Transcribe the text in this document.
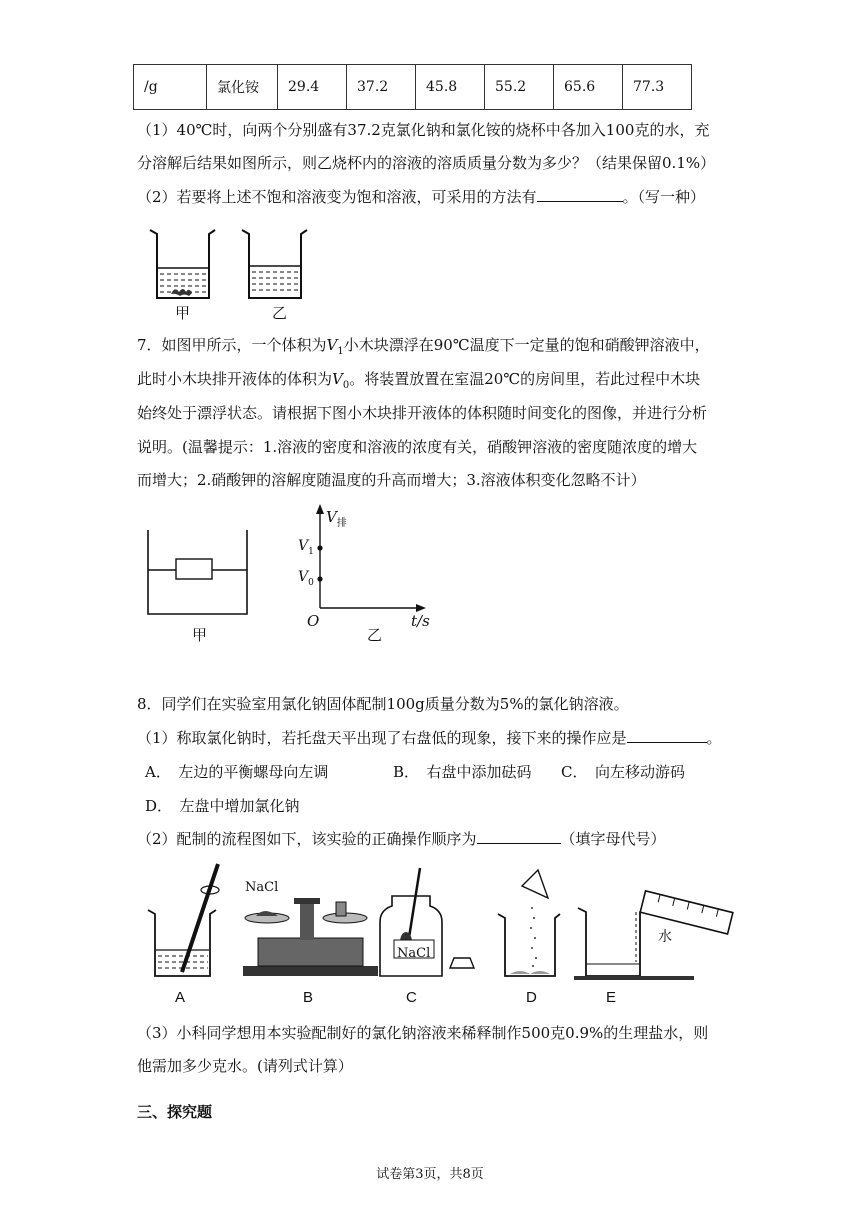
/g	氯化铵	29.4	37.2	45.8	55.2	65.6	77.3
（1）40℃时，向两个分别盛有37.2克氯化钠和氯化铵的烧杯中各加入100克的水，充
分溶解后结果如图所示，则乙烧杯内的溶液的溶质质量分数为多少？（结果保留0.1%）
（2）若要将上述不饱和溶液变为饱和溶液，可采用的方法有	。（写一种）
甲	乙
7．如图甲所示，一个体积为$V_1$小木块漂浮在90℃温度下一定量的饱和硝酸钾溶液中，
此时小木块排开液体的体积为$V_0$。将装置放置在室温20℃的房间里，若此过程中木块
始终处于漂浮状态。请根据下图小木块排开液体的体积随时间变化的图像，并进行分析
说明。(温馨提示：1.溶液的密度和溶液的浓度有关，硝酸钾溶液的密度随浓度的增大
而增大；2.硝酸钾的溶解度随温度的升高而增大；3.溶液体积变化忽略不计）
$V_排$
$V_1$
$V_0$
O	t/s
甲	乙
8．同学们在实验室用氯化钠固体配制100g质量分数为5%的氯化钠溶液。
（1）称取氯化钠时，若托盘天平出现了右盘低的现象，接下来的操作应是	。
A．　左边的平衡螺母向左调	B．　右盘中添加砝码 C．　向左移动游码
D．　左盘中增加氯化钠
（2）配制的流程图如下，该实验的正确操作顺序为	（填字母代号）
NaCl
NaCl
水
A	B	C	D	E
（3）小科同学想用本实验配制好的氯化钠溶液来稀释制作500克0.9%的生理盐水，则
他需加多少克水。(请列式计算）
三、探究题
试卷第3页，共8页
